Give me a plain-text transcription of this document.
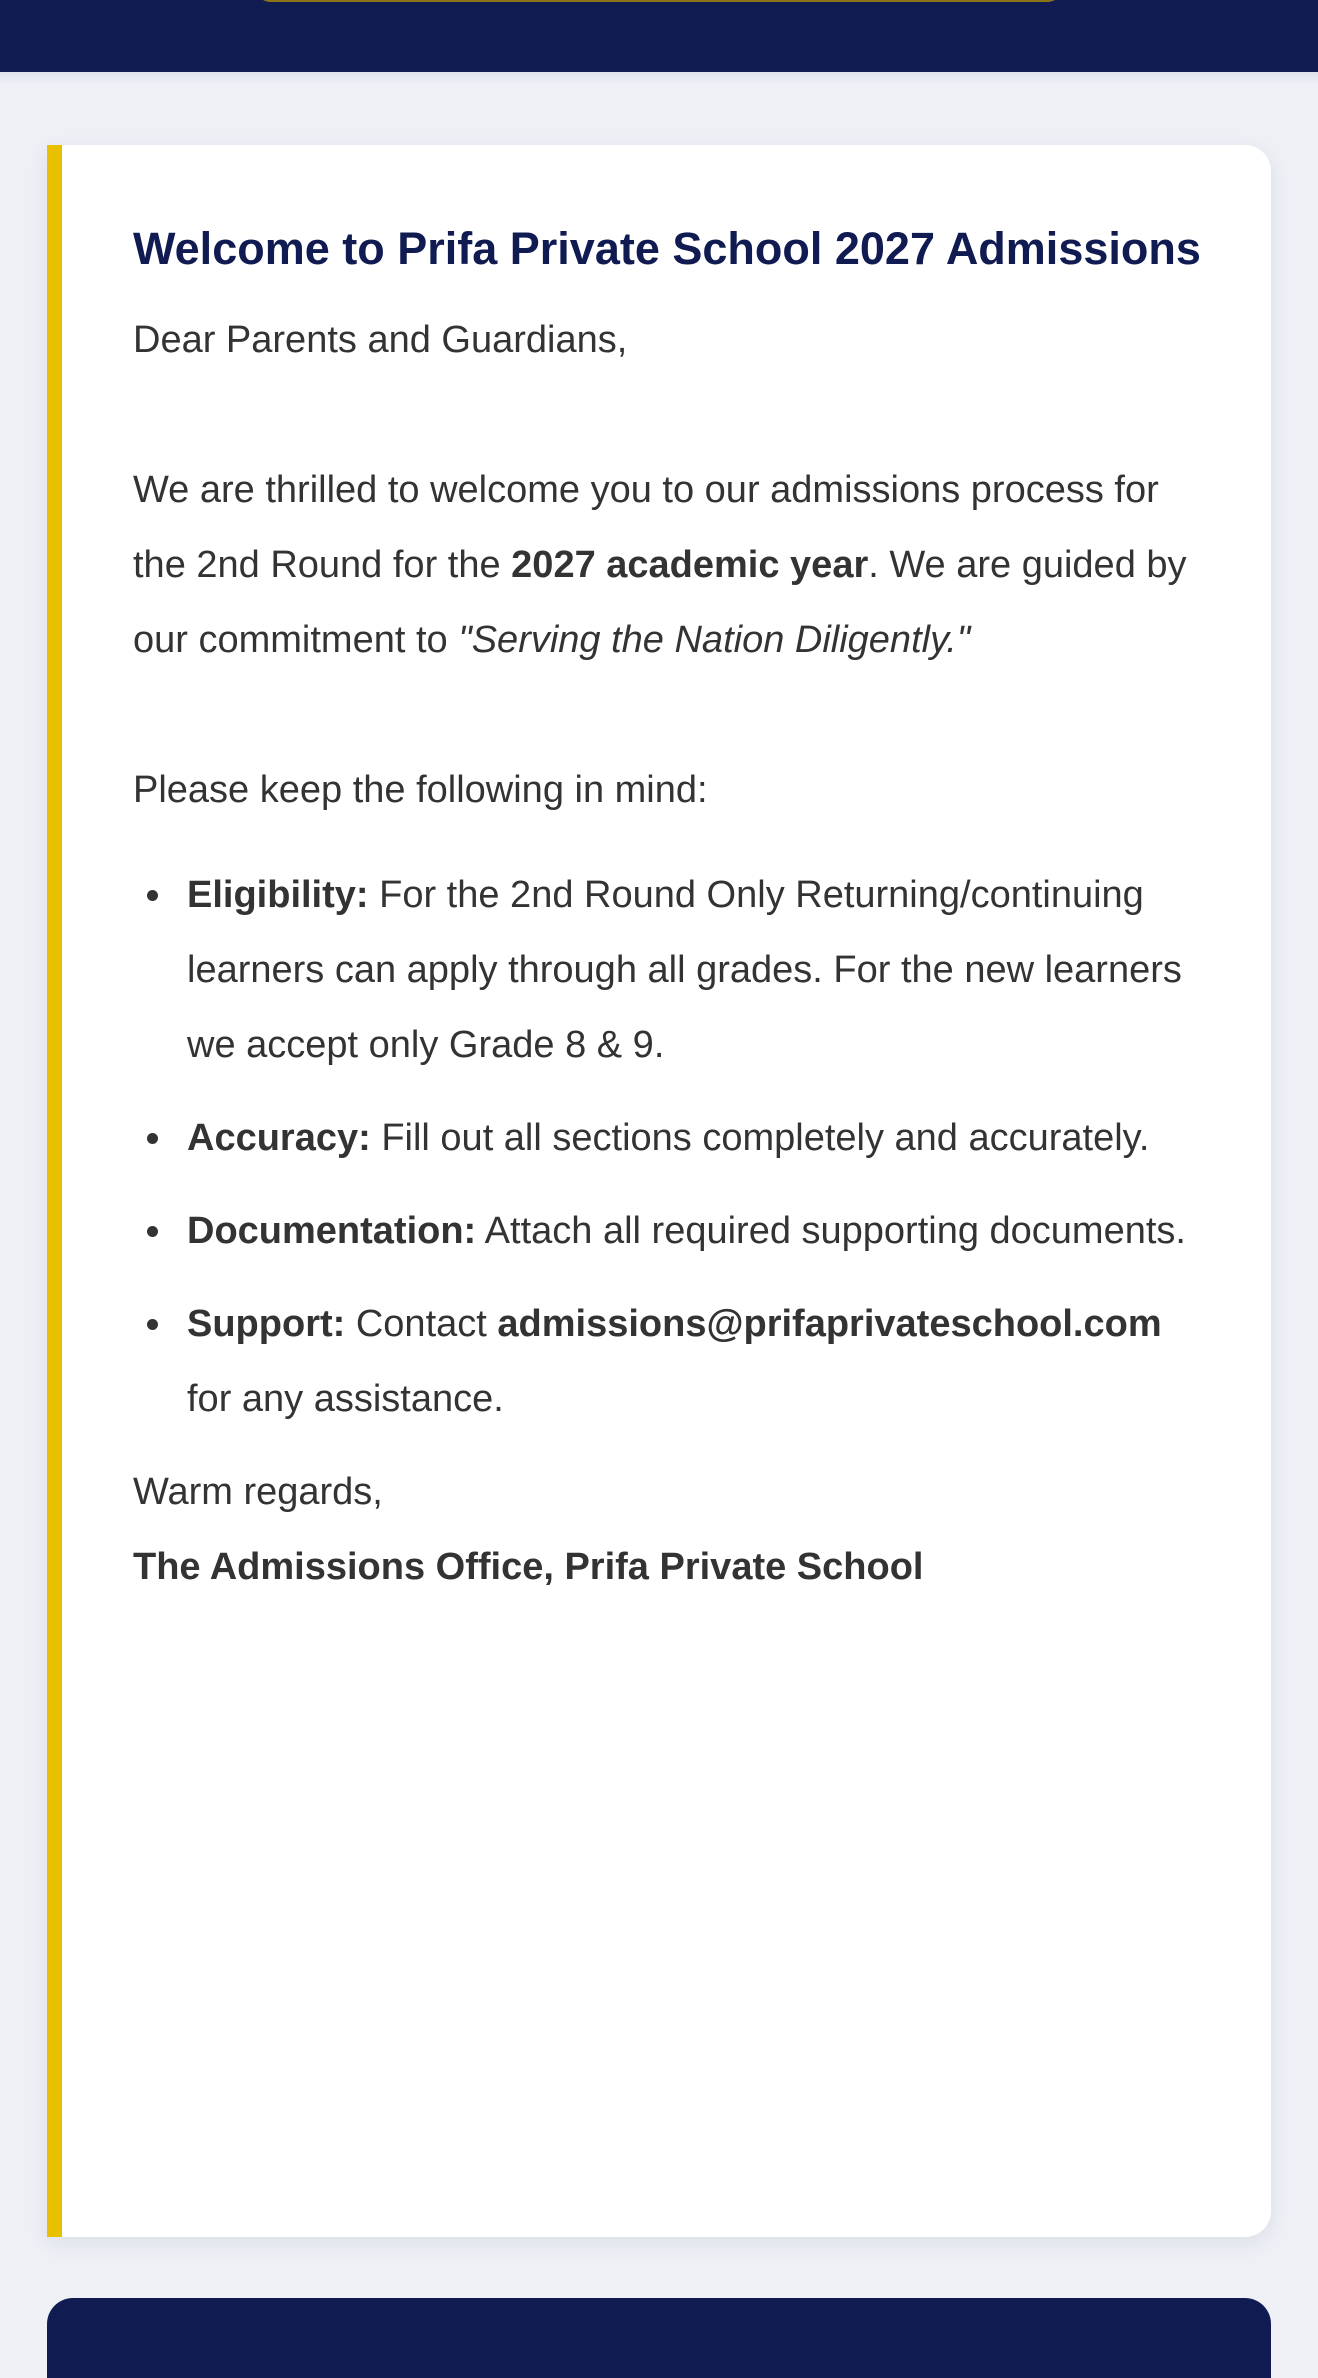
Welcome to Prifa Private School 2027 Admissions

Dear Parents and Guardians,

We are thrilled to welcome you to our admissions process for the 2nd Round for the 2027 academic year. We are guided by our commitment to "Serving the Nation Diligently."

Please keep the following in mind:

Eligibility: For the 2nd Round Only Returning/continuing learners can apply through all grades. For the new learners we accept only Grade 8 & 9.
Accuracy: Fill out all sections completely and accurately.
Documentation: Attach all required supporting documents.
Support: Contact admissions@prifaprivateschool.com for any assistance.

Warm regards,

The Admissions Office, Prifa Private School
